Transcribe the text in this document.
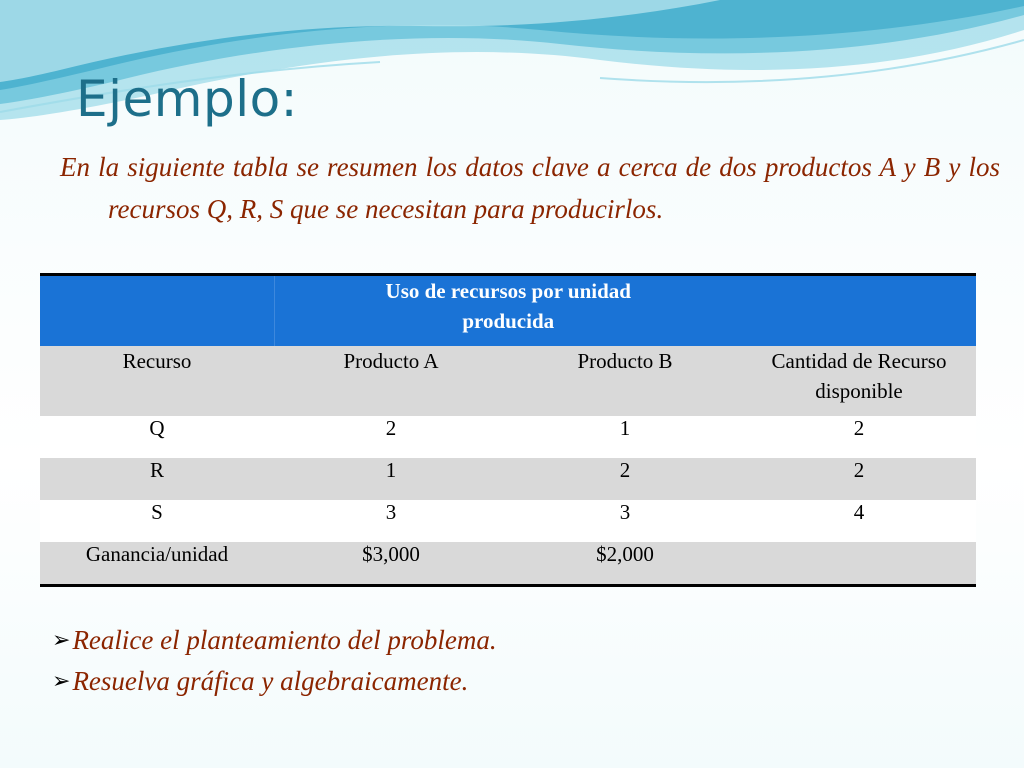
Ejemplo:

En la siguiente tabla se resumen los datos clave a cerca de dos productos A y B y los recursos Q, R, S que se necesitan para producirlos.

	Uso de recursos por unidad producida		

Recurso	Producto A	Producto B	Cantidad de Recurso disponible

Q	2	1	2
R	1	2	2
S	3	3	4
Ganancia/unidad	$3,000	$2,000	
➢ Realice el planteamiento del problema.
➢ Resuelva gráfica y algebraicamente.
